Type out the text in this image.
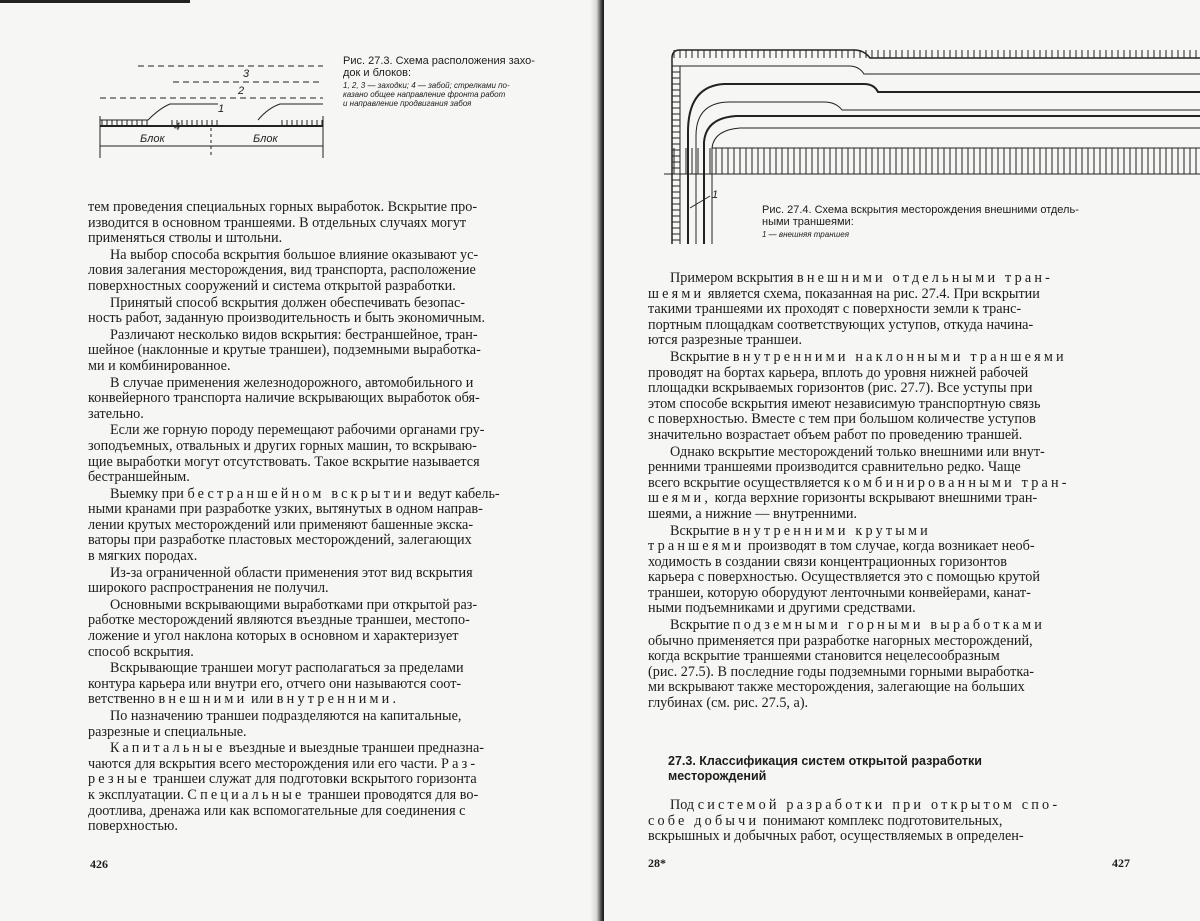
3
2
1
4
Блок	Блок
Рис. 27.3. Схема расположения захо-
док и блоков:
1, 2, 3 — заходки; 4 — забой; стрелками по-
казано общее направление фронта работ
и направление продвигания забоя

тем проведения специальных горных выработок. Вскрытие про-
изводится в основном траншеями. В отдельных случаях могут
применяться стволы и штольни.

На выбор способа вскрытия большое влияние оказывают ус-
ловия залегания месторождения, вид транспорта, расположение
поверхностных сооружений и система открытой разработки.

Принятый способ вскрытия должен обеспечивать безопас-
ность работ, заданную производительность и быть экономичным.

Различают несколько видов вскрытия: бестраншейное, тран-
шейное (наклонные и крутые траншеи), подземными выработка-
ми и комбинированное.

В случае применения железнодорожного, автомобильного и
конвейерного транспорта наличие вскрывающих выработок обя-
зательно.

Если же горную породу перемещают рабочими органами гру-
зоподъемных, отвальных и других горных машин, то вскрываю-
щие выработки могут отсутствовать. Такое вскрытие называется
бестраншейным.

Выемку при бестраншейном вскрытии ведут кабель-
ными кранами при разработке узких, вытянутых в одном направ-
лении крутых месторождений или применяют башенные экска-
ваторы при разработке пластовых месторождений, залегающих
в мягких породах.

Из-за ограниченной области применения этот вид вскрытия
широкого распространения не получил.

Основными вскрывающими выработками при открытой раз-
работке месторождений являются въездные траншеи, местопо-
ложение и угол наклона которых в основном и характеризует
способ вскрытия.

Вскрывающие траншеи могут располагаться за пределами
контура карьера или внутри его, отчего они называются соот-
ветственно внешними или внутренними.

По назначению траншеи подразделяются на капитальные,
разрезные и специальные.

Капитальные въездные и выездные траншеи предназна-
чаются для вскрытия всего месторождения или его части. Раз-
резные траншеи служат для подготовки вскрытого горизонта
к эксплуатации. Специальные траншеи проводятся для во-
доотлива, дренажа или как вспомогательные для соединения с
поверхностью.

426
1
Рис. 27.4. Схема вскрытия месторождения внешними отдель-
ными траншеями:
1 — внешняя траншея

Примером вскрытия внешними отдельными тран-
шеями является схема, показанная на рис. 27.4. При вскрытии
такими траншеями их проходят с поверхности земли к транс-
портным площадкам соответствующих уступов, откуда начина-
ются разрезные траншеи.

Вскрытие внутренними наклонными траншеями
проводят на бортах карьера, вплоть до уровня нижней рабочей
площадки вскрываемых горизонтов (рис. 27.7). Все уступы при
этом способе вскрытия имеют независимую транспортную связь
с поверхностью. Вместе с тем при большом количестве уступов
значительно возрастает объем работ по проведению траншей.

Однако вскрытие месторождений только внешними или внут-
ренними траншеями производится сравнительно редко. Чаще
всего вскрытие осуществляется комбинированными тран-
шеями, когда верхние горизонты вскрывают внешними тран-
шеями, а нижние — внутренними.

Вскрытие внутренними крутыми
траншеями производят в том случае, когда возникает необ-
ходимость в создании связи концентрационных горизонтов
карьера с поверхностью. Осуществляется это с помощью крутой
траншеи, которую оборудуют ленточными конвейерами, канат-
ными подъемниками и другими средствами.

Вскрытие подземными горными выработками
обычно применяется при разработке нагорных месторождений,
когда вскрытие траншеями становится нецелесообразным
(рис. 27.5). В последние годы подземными горными выработка-
ми вскрывают также месторождения, залегающие на больших
глубинах (см. рис. 27.5, а).

27.3. Классификация систем открытой разработки
месторождений

Под системой разработки при открытом спо-
собе добычи понимают комплекс подготовительных,
вскрышных и добычных работ, осуществляемых в определен-

28*	427
